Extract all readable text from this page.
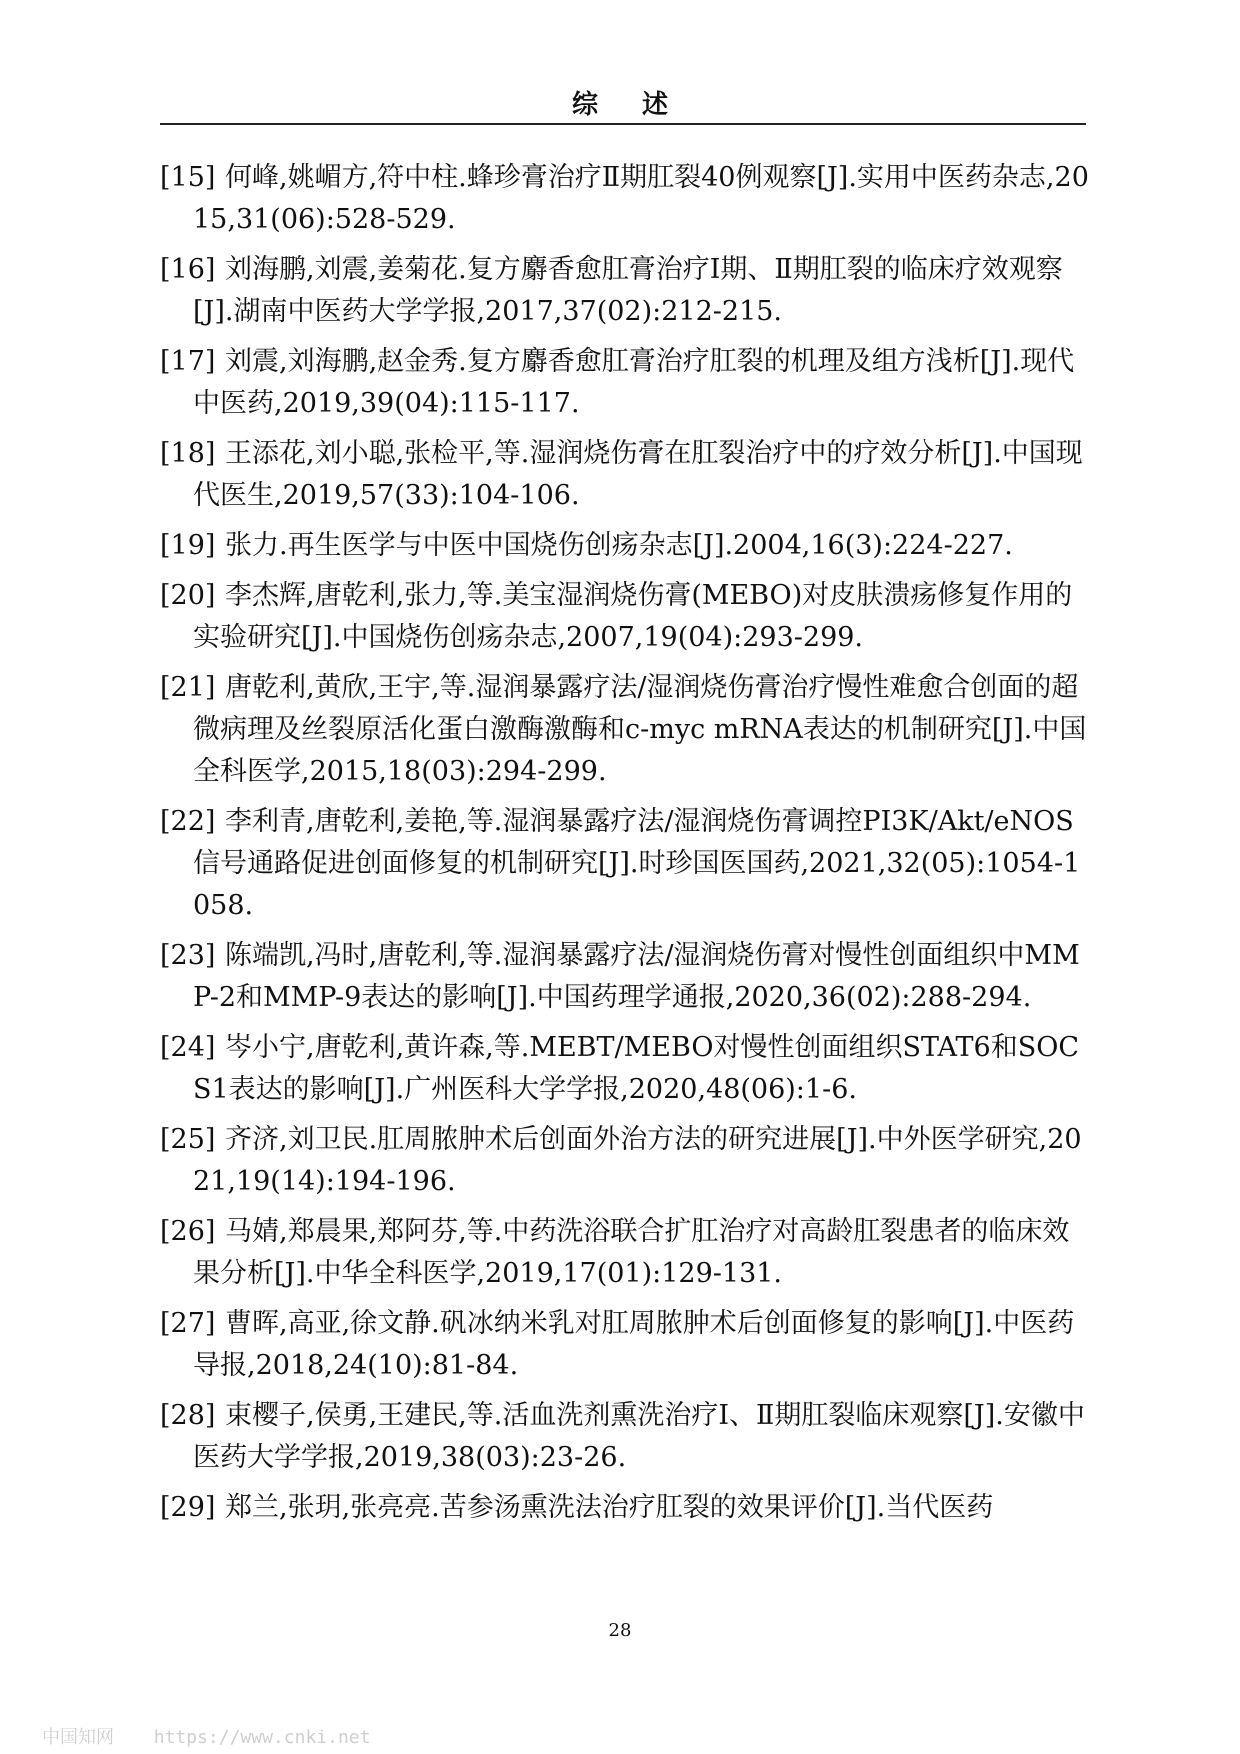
综述
[15] 何峰,姚嵋方,符中柱.蜂珍膏治疗Ⅱ期肛裂40例观察[J].实用中医药杂志,2015,31(06):528-529.
[16] 刘海鹏,刘震,姜菊花.复方麝香愈肛膏治疗Ⅰ期、Ⅱ期肛裂的临床疗效观察[J].湖南中医药大学学报,2017,37(02):212-215.
[17] 刘震,刘海鹏,赵金秀.复方麝香愈肛膏治疗肛裂的机理及组方浅析[J].现代中医药,2019,39(04):115-117.
[18] 王添花,刘小聪,张检平,等.湿润烧伤膏在肛裂治疗中的疗效分析[J].中国现代医生,2019,57(33):104-106.
[19] 张力.再生医学与中医中国烧伤创疡杂志[J].2004,16(3):224-227.
[20] 李杰辉,唐乾利,张力,等.美宝湿润烧伤膏(MEBO)对皮肤溃疡修复作用的实验研究[J].中国烧伤创疡杂志,2007,19(04):293-299.
[21] 唐乾利,黄欣,王宇,等.湿润暴露疗法/湿润烧伤膏治疗慢性难愈合创面的超微病理及丝裂原活化蛋白激酶激酶和c-myc mRNA表达的机制研究[J].中国全科医学,2015,18(03):294-299.
[22] 李利青,唐乾利,姜艳,等.湿润暴露疗法/湿润烧伤膏调控PI3K/Akt/eNOS信号通路促进创面修复的机制研究[J].时珍国医国药,2021,32(05):1054-1058.
[23] 陈端凯,冯时,唐乾利,等.湿润暴露疗法/湿润烧伤膏对慢性创面组织中MMP-2和MMP-9表达的影响[J].中国药理学通报,2020,36(02):288-294.
[24] 岑小宁,唐乾利,黄许森,等.MEBT/MEBO对慢性创面组织STAT6和SOCS1表达的影响[J].广州医科大学学报,2020,48(06):1-6.
[25] 齐济,刘卫民.肛周脓肿术后创面外治方法的研究进展[J].中外医学研究,2021,19(14):194-196.
[26] 马婧,郑晨果,郑阿芬,等.中药洗浴联合扩肛治疗对高龄肛裂患者的临床效果分析[J].中华全科医学,2019,17(01):129-131.
[27] 曹晖,高亚,徐文静.矾冰纳米乳对肛周脓肿术后创面修复的影响[J].中医药导报,2018,24(10):81-84.
[28] 束樱子,侯勇,王建民,等.活血洗剂熏洗治疗Ⅰ、Ⅱ期肛裂临床观察[J].安徽中医药大学学报,2019,38(03):23-26.
[29] 郑兰,张玥,张亮亮.苦参汤熏洗法治疗肛裂的效果评价[J].当代医药
28
中国知网 https://www.cnki.net
